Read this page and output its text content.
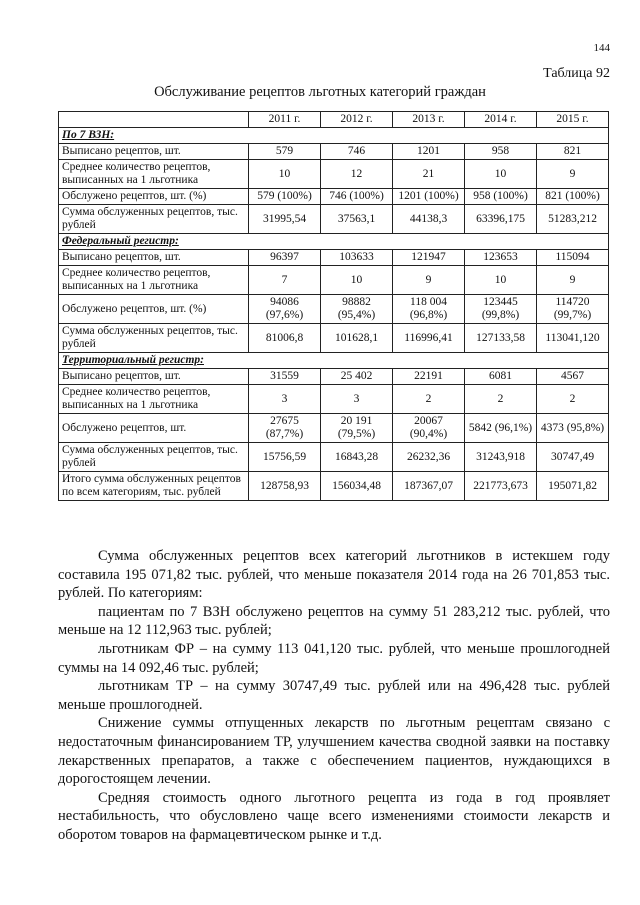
144
Таблица 92
Обслуживание рецептов льготных категорий граждан
	2011 г.	2012 г.	2013 г.	2014 г.	2015 г.
По 7 ВЗН:					
Выписано рецептов, шт.	579	746	1201	958	821
Среднее количество рецептов, выписанных на 1 льготника	10	12	21	10	9
Обслужено рецептов, шт. (%)	579 (100%)	746 (100%)	1201 (100%)	958 (100%)	821 (100%)
Сумма обслуженных рецептов, тыс. рублей	31995,54	37563,1	44138,3	63396,175	51283,212
Федеральный регистр:					
Выписано рецептов, шт.	96397	103633	121947	123653	115094
Среднее количество рецептов, выписанных на 1 льготника	7	10	9	10	9
Обслужено рецептов, шт. (%)	94086 (97,6%)	98882 (95,4%)	118 004 (96,8%)	123445 (99,8%)	114720 (99,7%)
Сумма обслуженных рецептов, тыс. рублей	81006,8	101628,1	116996,41	127133,58	113041,120
Территориальный регистр:					
Выписано рецептов, шт.	31559	25 402	22191	6081	4567
Среднее количество рецептов, выписанных на 1 льготника	3	3	2	2	2
Обслужено рецептов, шт.	27675 (87,7%)	20 191 (79,5%)	20067 (90,4%)	5842 (96,1%)	4373 (95,8%)
Сумма обслуженных рецептов, тыс. рублей	15756,59	16843,28	26232,36	31243,918	30747,49
Итого сумма обслуженных рецептов по всем категориям, тыс. рублей	128758,93	156034,48	187367,07	221773,673	195071,82

Сумма обслуженных рецептов всех категорий льготников в истекшем году составила 195 071,82 тыс. рублей, что меньше показателя 2014 года на 26 701,853 тыс. рублей. По категориям:

пациентам по 7 ВЗН обслужено рецептов на сумму 51 283,212 тыс. рублей, что меньше на 12 112,963 тыс. рублей;

льготникам ФР – на сумму 113 041,120 тыс. рублей, что меньше прошлогодней суммы на 14 092,46 тыс. рублей;

льготникам ТР – на сумму 30747,49 тыс. рублей или на 496,428 тыс. рублей меньше прошлогодней.

Снижение суммы отпущенных лекарств по льготным рецептам связано с недостаточным финансированием ТР, улучшением качества сводной заявки на поставку лекарственных препаратов, а также с обеспечением пациентов, нуждающихся в дорогостоящем лечении.

Средняя стоимость одного льготного рецепта из года в год проявляет нестабильность, что обусловлено чаще всего изменениями стоимости лекарств и оборотом товаров на фармацевтическом рынке и т.д.
